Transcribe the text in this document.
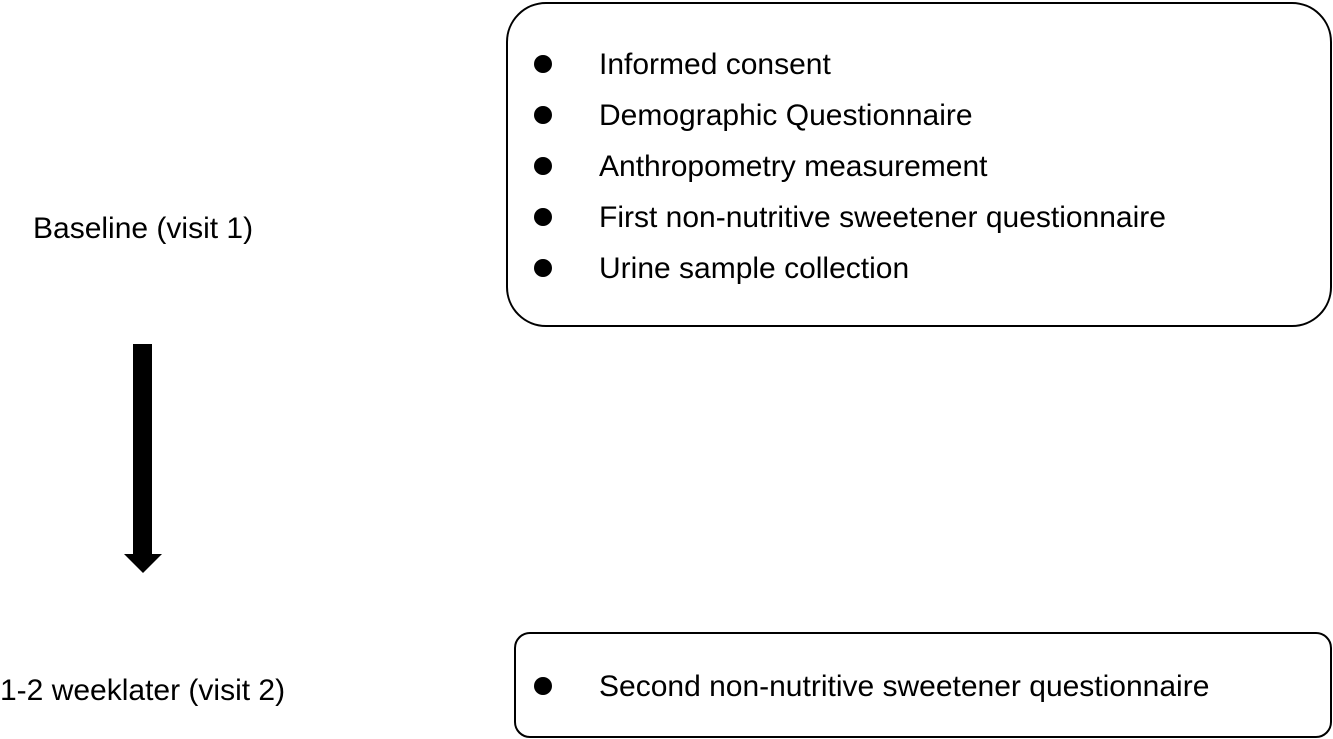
Baseline (visit 1)
Informed consent
Demographic Questionnaire
Anthropometry measurement
First non-nutritive sweetener questionnaire
Urine sample collection
1-2 weeklater (visit 2)	Second non-nutritive sweetener questionnaire
